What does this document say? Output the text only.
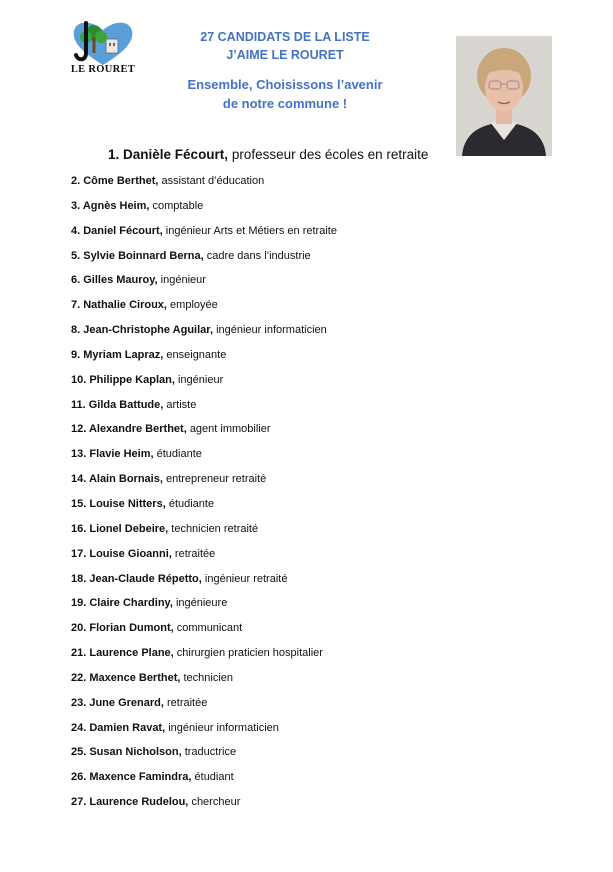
LE ROURET
27 CANDIDATS DE LA LISTE
J’AIME LE ROURET
Ensemble, Choisissons l’avenir
de notre commune !
1. Danièle Fécourt, professeur des écoles en retraite
2. Côme Berthet, assistant d’éducation
3. Agnès Heim, comptable
4. Daniel Fécourt, ingénieur Arts et Métiers en retraite
5. Sylvie Boinnard Berna, cadre dans l’industrie
6. Gilles Mauroy, ingénieur
7. Nathalie Ciroux, employée
8. Jean-Christophe Aguilar, ingénieur informaticien
9. Myriam Lapraz, enseignante
10. Philippe Kaplan, ingénieur
11. Gilda Battude, artiste
12. Alexandre Berthet, agent immobilier
13. Flavie Heim, étudiante
14. Alain Bornais, entrepreneur retraité
15. Louise Nitters, étudiante
16. Lionel Debeire, technicien retraité
17. Louise Gioanni, retraitée
18. Jean-Claude Répetto, ingénieur retraité
19. Claire Chardiny, ingénieure
20. Florian Dumont, communicant
21. Laurence Plane, chirurgien praticien hospitalier
22. Maxence Berthet, technicien
23. June Grenard, retraitée
24. Damien Ravat, ingénieur informaticien
25. Susan Nicholson, traductrice
26. Maxence Famindra, étudiant
27. Laurence Rudelou, chercheur
